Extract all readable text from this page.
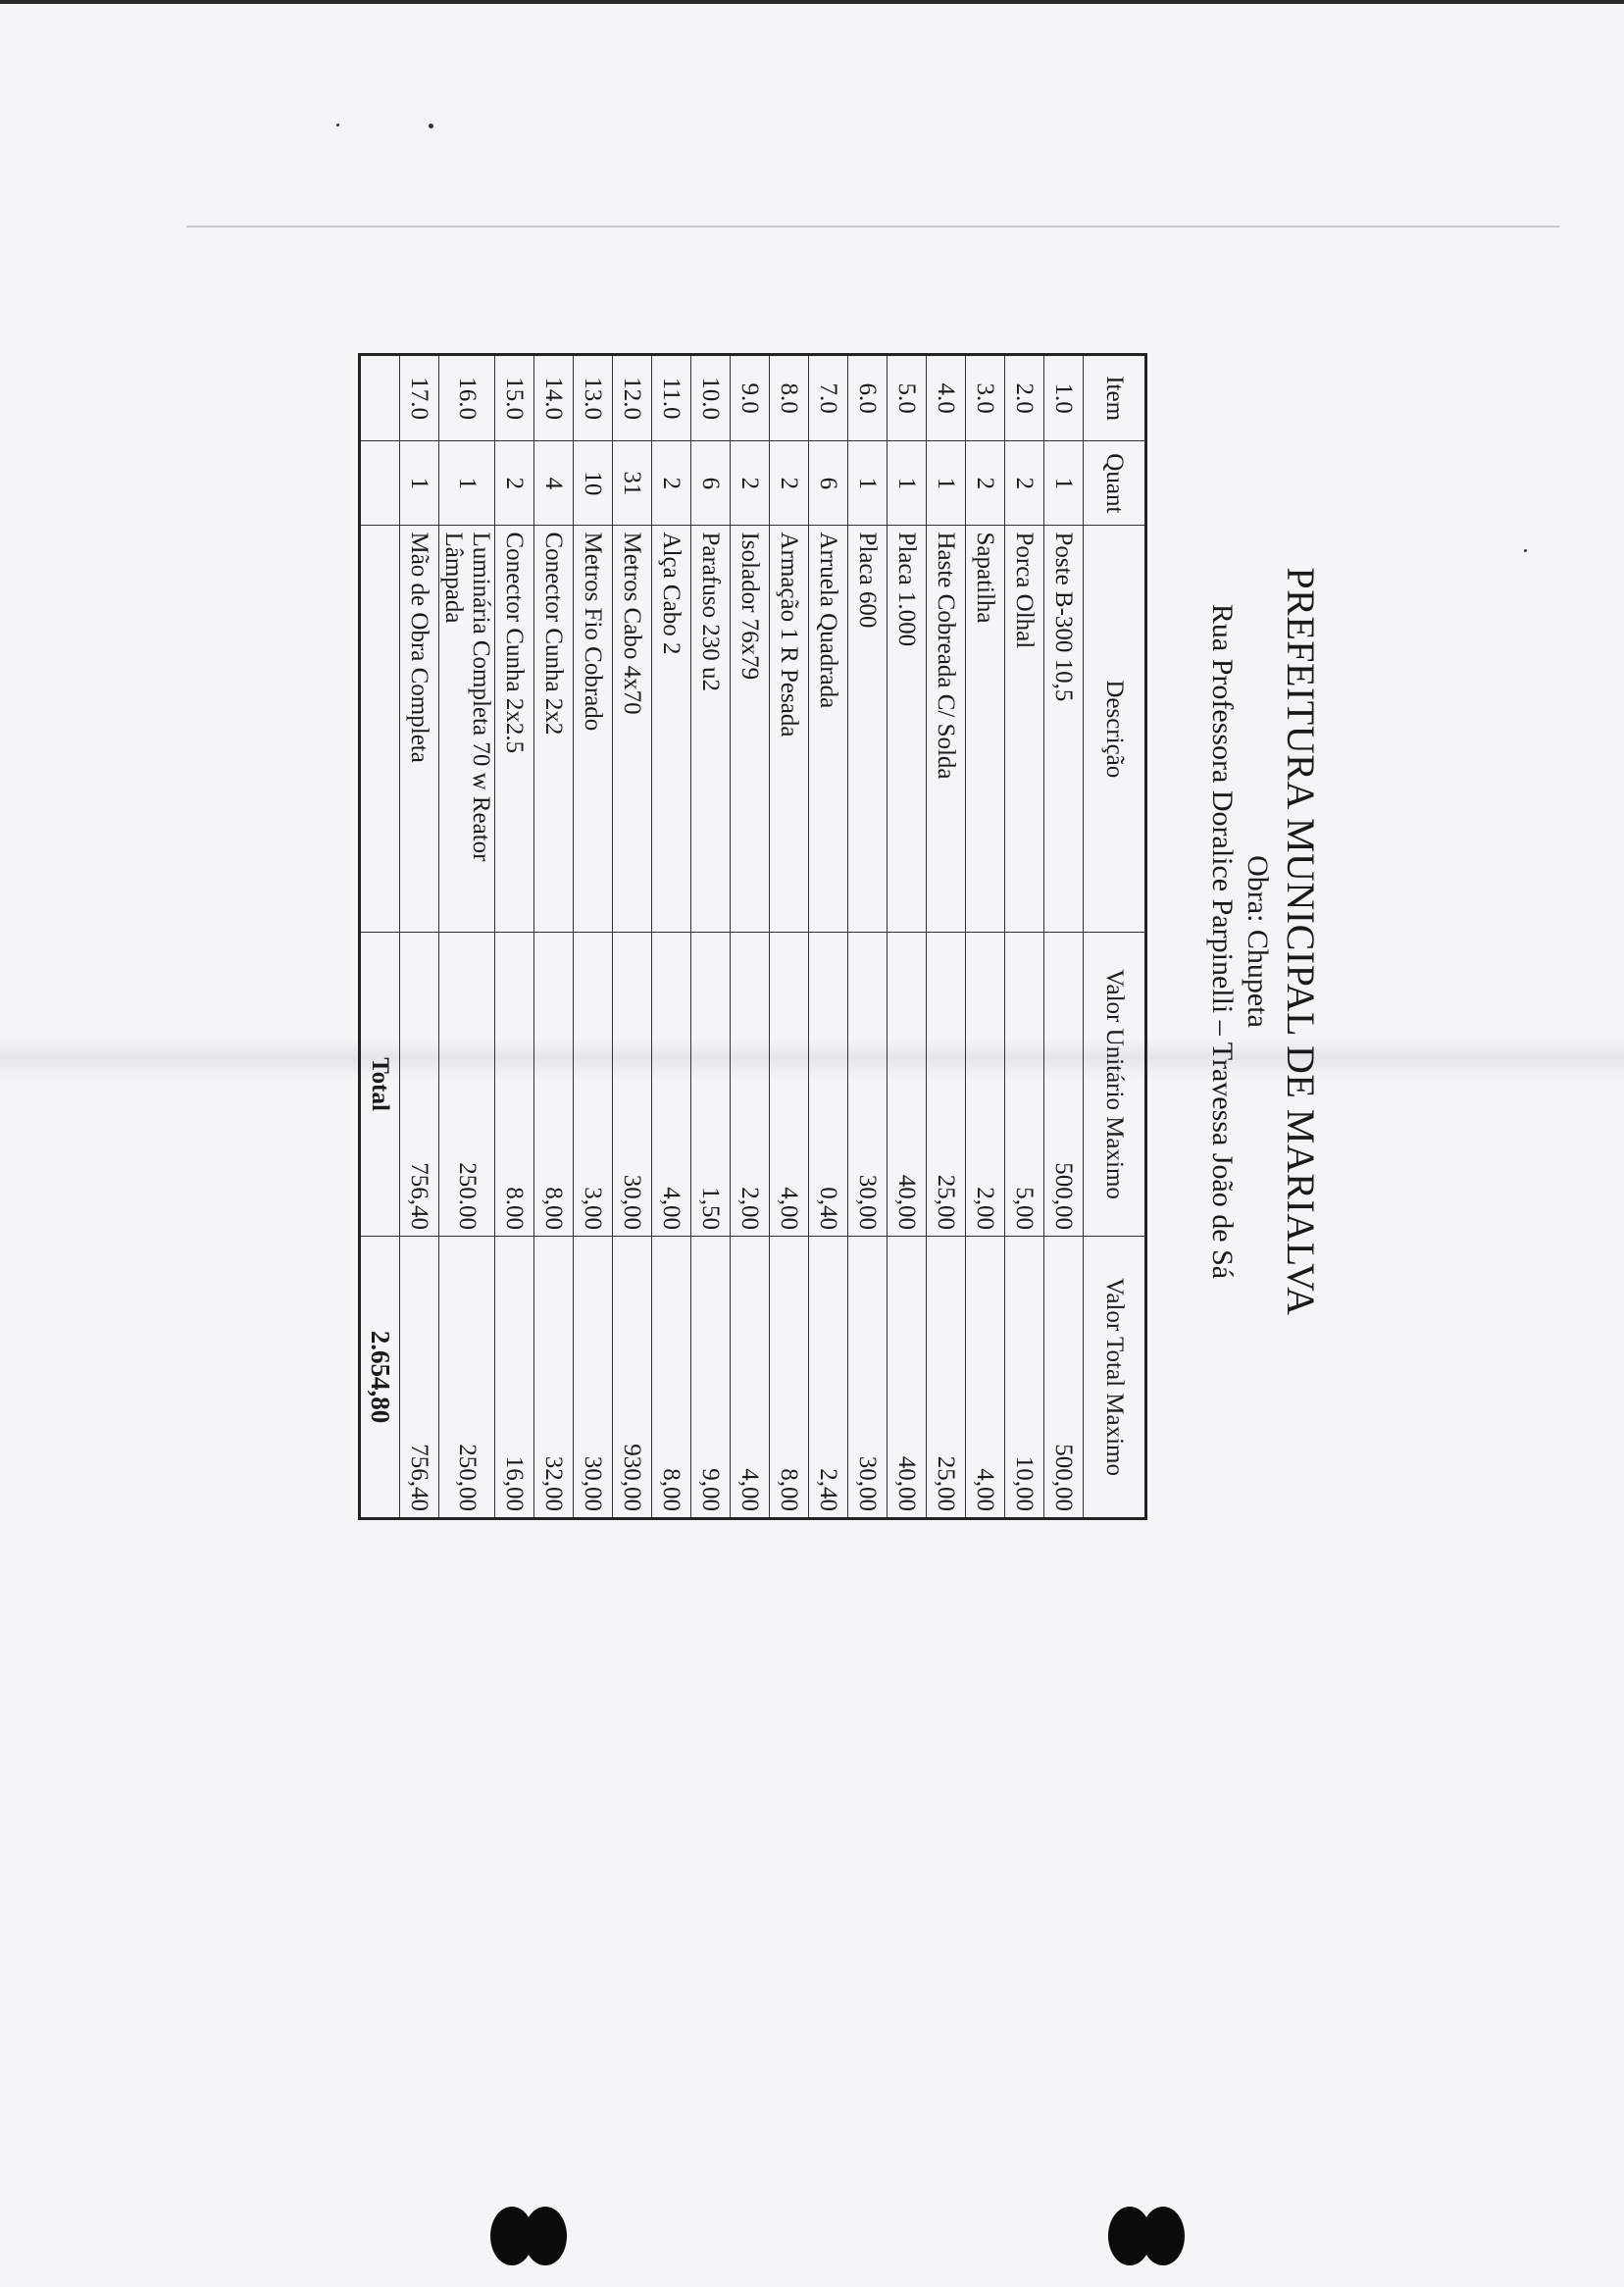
PREFEITURA MUNICIPAL DE MARIALVA
Obra: Chupeta
Rua Professora Doralice Parpinelli – Travessa João de Sá
Item	Quant	Descrição	Valor Unitário Maximo	Valor Total Maximo
1.0	1	Poste B-300 10,5	500,00	500,00
2.0	2	Porca Olhal	5,00	10,00
3.0	2	Sapatilha	2,00	4,00
4.0	1	Haste Cobreada C/ Solda	25,00	25,00
5.0	1	Placa 1.000	40,00	40,00
6.0	1	Placa 600	30,00	30,00
7.0	6	Arruela Quadrada	0,40	2,40
8.0	2	Armação 1 R Pesada	4,00	8,00
9.0	2	Isolador 76x79	2,00	4,00
10.0	6	Parafuso 230 u2	1,50	9,00
11.0	2	Alça Cabo 2	4,00	8,00
12.0	31	Metros Cabo 4x70	30,00	930,00
13.0	10	Metros Fio Cobrado	3,00	30,00
14.0	4	Conector Cunha 2x2	8,00	32,00
15.0	2	Conector Cunha 2x2.5	8.00	16,00
16.0	1	Luminária Completa 70 w Reator Lâmpada	250.00	250,00
17.0	1	Mão de Obra Completa	756,40	756,40
			Total	2.654,80
